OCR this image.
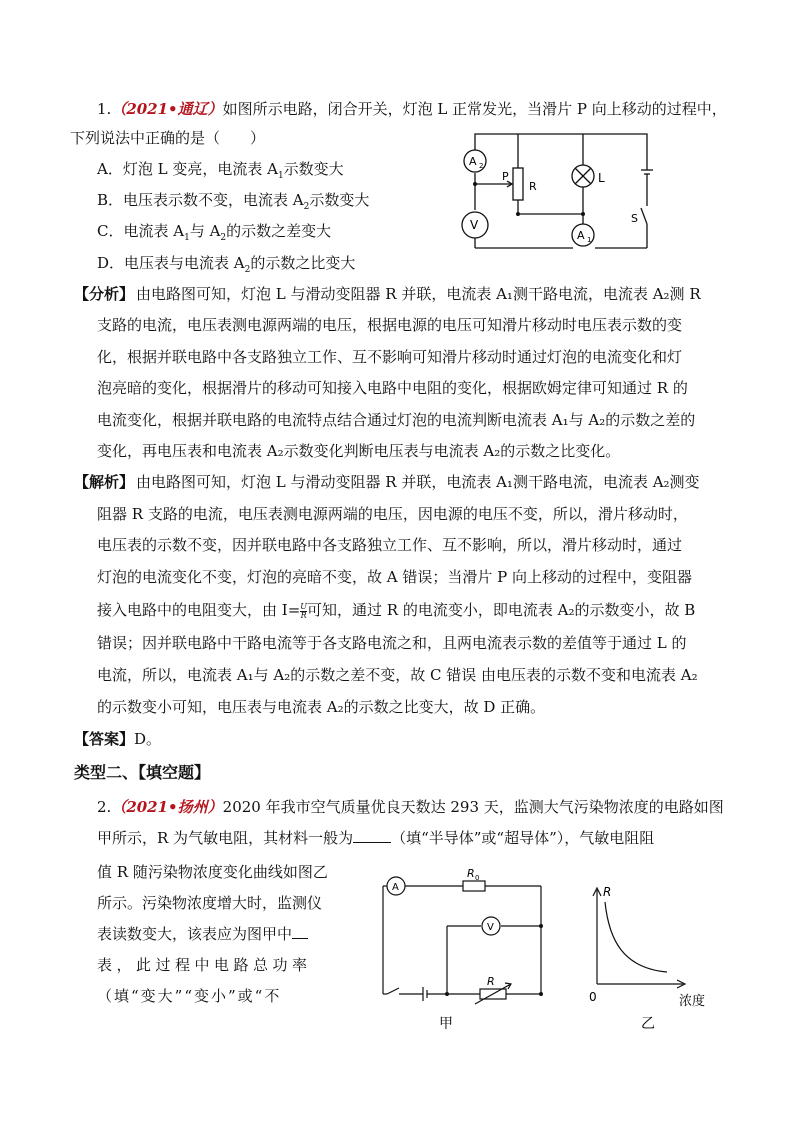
1.（2021•通辽）如图所示电路，闭合开关，灯泡 L 正常发光，当滑片 P 向上移动的过程中，
下列说法中正确的是（　　）
A．灯泡 L 变亮，电流表 $A_1$示数变大
B．电压表示数不变，电流表 $A_2$示数变大
C．电流表 $A_1$与 $A_2$的示数之差变大
D．电压表与电流表 $A_2$的示数之比变大
A 2
V
A 1
P
R
L
S
【分析】 由电路图可知，灯泡 L 与滑动变阻器 R 并联，电流表 A₁测干路电流，电流表 A₂测 R
支路的电流，电压表测电源两端的电压，根据电源的电压可知滑片移动时电压表示数的变
化，根据并联电路中各支路独立工作、互不影响可知滑片移动时通过灯泡的电流变化和灯
泡亮暗的变化，根据滑片的移动可知接入电路中电阻的变化，根据欧姆定律可知通过 R 的
电流变化，根据并联电路的电流特点结合通过灯泡的电流判断电流表 A₁与 A₂的示数之差的
变化，再电压表和电流表 A₂示数变化判断电压表与电流表 A₂的示数之比变化。
【解析】 由电路图可知，灯泡 L 与滑动变阻器 R 并联，电流表 A₁测干路电流，电流表 A₂测变
阻器 R 支路的电流，电压表测电源两端的电压，因电源的电压不变，所以，滑片移动时，
电压表的示数不变，因并联电路中各支路独立工作、互不影响，所以，滑片移动时，通过
灯泡的电流变化不变，灯泡的亮暗不变，故 A 错误；当滑片 P 向上移动的过程中，变阻器
接入电路中的电阻变大，由 $I= \frac{U}{R}$ 可知，通过 R 的电流变小，即电流表 A₂的示数变小，故 B
错误；因并联电路中干路电流等于各支路电流之和，且两电流表示数的差值等于通过 L 的
电流，所以，电流表 A₁与 A₂的示数之差不变，故 C 错误 由电压表的示数不变和电流表 A₂
的示数变小可知，电压表与电流表 A₂的示数之比变大，故 D 正确。
【答案】D。
类型二、【填空题】
2.（2021•扬州）2020 年我市空气质量优良天数达 293 天，监测大气污染物浓度的电路如图
甲所示，R 为气敏电阻，其材料一般为	（填“半导体”或“超导体”），气敏电阻阻
值 R 随污染物浓度变化曲线如图乙
所示。污染物浓度增大时，监测仪
表读数变大，该表应为图甲中
表，此过程中电路总功率
（填“变大”“变小”或“不
A
R 0
V
R
甲
R
0	浓度
乙
